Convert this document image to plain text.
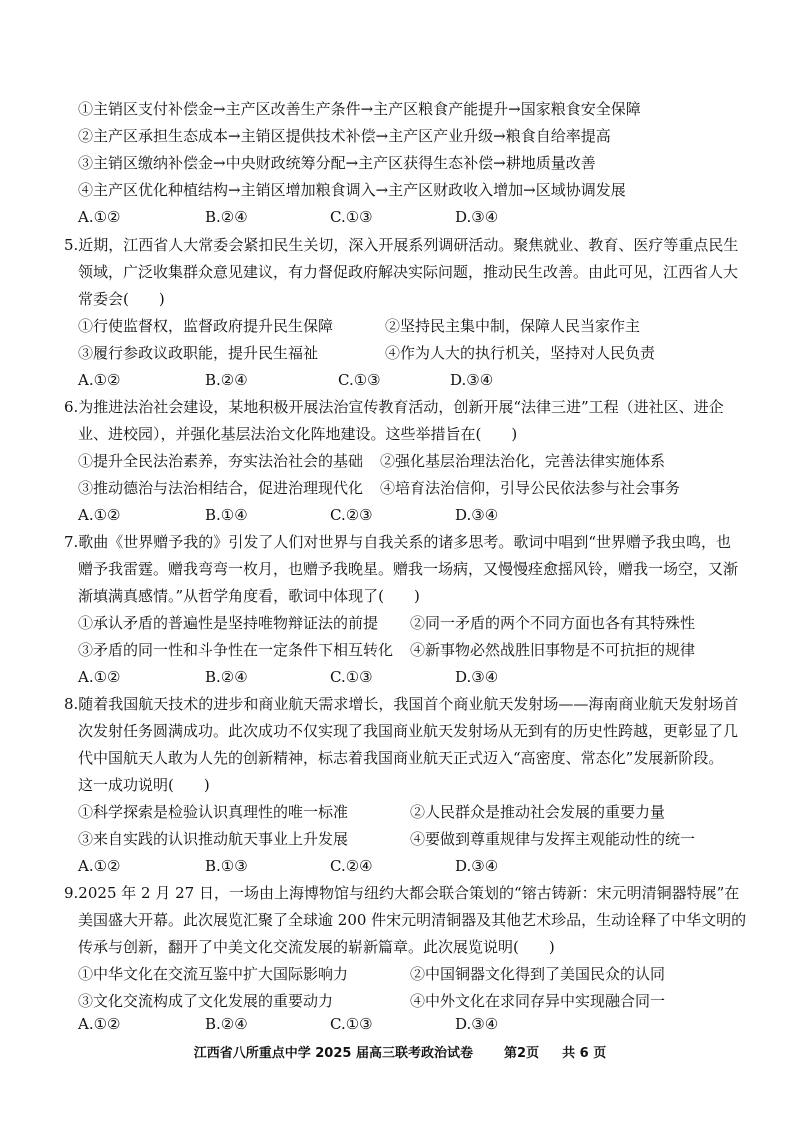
①主销区支付补偿金→主产区改善生产条件→主产区粮食产能提升→国家粮食安全保障
②主产区承担生态成本→主销区提供技术补偿→主产区产业升级→粮食自给率提高
③主销区缴纳补偿金→中央财政统筹分配→主产区获得生态补偿→耕地质量改善
④主产区优化种植结构→主销区增加粮食调入→主产区财政收入增加→区域协调发展
A.①②	B.②④	C.①③	D.③④
5.近期，江西省人大常委会紧扣民生关切，深入开展系列调研活动。聚焦就业、教育、医疗等重点民生
领域，广泛收集群众意见建议，有力督促政府解决实际问题，推动民生改善。由此可见，江西省人大
常委会(　　)
①行使监督权，监督政府提升民生保障	②坚持民主集中制，保障人民当家作主
③履行参政议政职能，提升民生福祉	④作为人大的执行机关，坚持对人民负责
A.①②	B.②④	C.①③	D.③④
6.为推进法治社会建设，某地积极开展法治宣传教育活动，创新开展“法律三进”工程（进社区、进企
业、进校园），并强化基层法治文化阵地建设。这些举措旨在(　　)
①提升全民法治素养，夯实法治社会的基础 ②强化基层治理法治化，完善法律实施体系
③推动德治与法治相结合，促进治理现代化 ④培育法治信仰，引导公民依法参与社会事务
A.①②	B.①④	C.②③	D.③④
7.歌曲《世界赠予我的》引发了人们对世界与自我关系的诸多思考。歌词中唱到“世界赠予我虫鸣，也
赠予我雷霆。赠我弯弯一枚月，也赠予我晚星。赠我一场病，又慢慢痊愈摇风铃，赠我一场空，又渐
渐填满真感情。”从哲学角度看，歌词中体现了(　　)
①承认矛盾的普遍性是坚持唯物辩证法的前提 ②同一矛盾的两个不同方面也各有其特殊性
③矛盾的同一性和斗争性在一定条件下相互转化 ④新事物必然战胜旧事物是不可抗拒的规律
A.①②	B.②④	C.①③	D.③④
8.随着我国航天技术的进步和商业航天需求增长，我国首个商业航天发射场——海南商业航天发射场首
次发射任务圆满成功。此次成功不仅实现了我国商业航天发射场从无到有的历史性跨越，更彰显了几
代中国航天人敢为人先的创新精神，标志着我国商业航天正式迈入“高密度、常态化”发展新阶段。
这一成功说明(　　)
①科学探索是检验认识真理性的唯一标准	②人民群众是推动社会发展的重要力量
③来自实践的认识推动航天事业上升发展	④要做到尊重规律与发挥主观能动性的统一
A.①②	B.①③	C.②④	D.③④
9.2025 年 2 月 27 日，一场由上海博物馆与纽约大都会联合策划的“镕古铸新：宋元明清铜器特展”在
美国盛大开幕。此次展览汇聚了全球逾 200 件宋元明清铜器及其他艺术珍品，生动诠释了中华文明的
传承与创新，翻开了中美文化交流发展的崭新篇章。此次展览说明(　　)
①中华文化在交流互鉴中扩大国际影响力	②中国铜器文化得到了美国民众的认同
③文化交流构成了文化发展的重要动力	④中外文化在求同存异中实现融合同一
A.①②	B.②④	C.①③	D.③④
江西省八所重点中学 2025 届高三联考政治试卷 第2页 共 6 页
